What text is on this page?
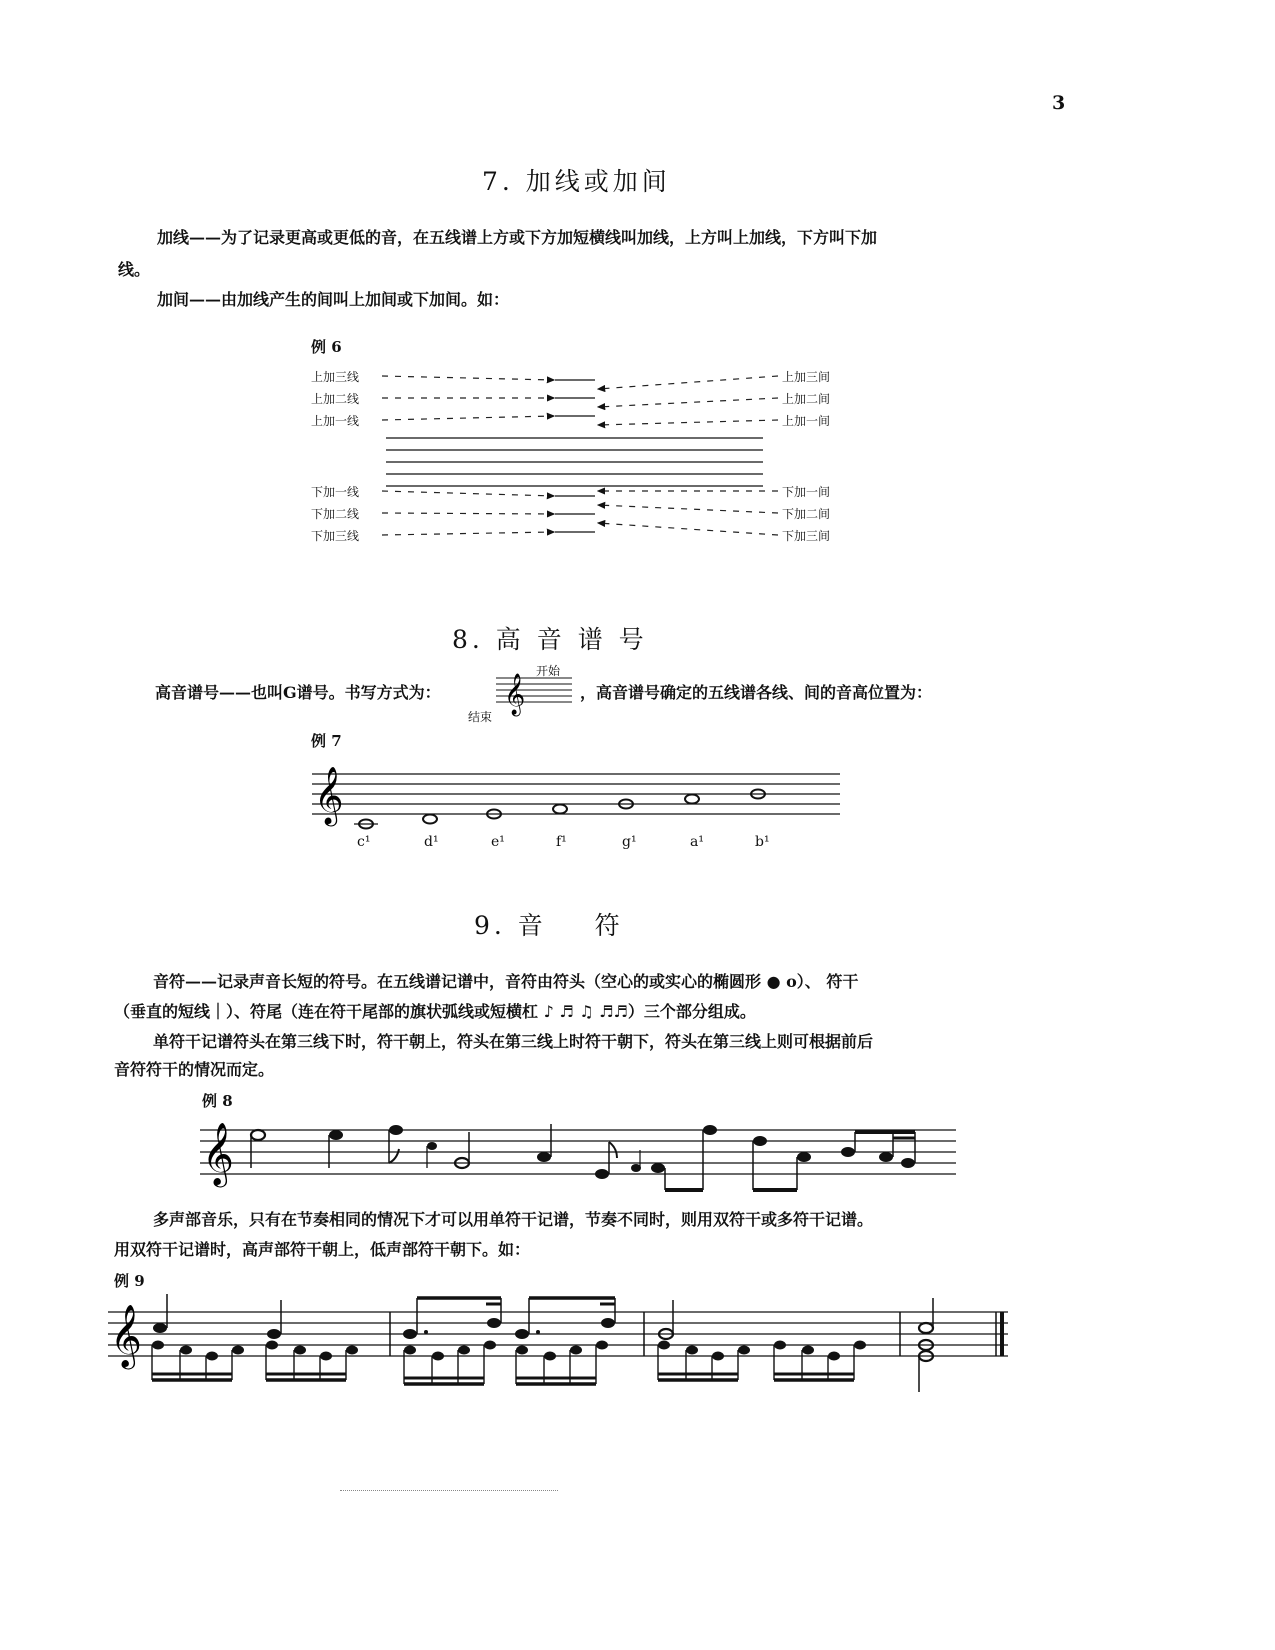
3
7. 加线或加间
加线——为了记录更高或更低的音，在五线谱上方或下方加短横线叫加线，上方叫上加线，下方叫下加
线。
加间——由加线产生的间叫上加间或下加间。如：
例 6
上加三线
上加二线
上加一线
下加一线
下加二线
下加三线
上加三间
上加二间
上加一间
下加一间
下加二间
下加三间
8. 高 音 谱 号
高音谱号——也叫G谱号。书写方式为：
开始
结束
𝄞	，高音谱号确定的五线谱各线、间的音高位置为：
例 7
𝄞
c¹	d¹	e¹	f¹	g¹	a¹	b¹
9. 音    符
音符——记录声音长短的符号。在五线谱记谱中，音符由符头（空心的或实心的椭圆形 ● o）、 符干
（垂直的短线｜）、符尾（连在符干尾部的旗状弧线或短横杠 ♪ ♬ ♫ ♬♬）三个部分组成。
单符干记谱符头在第三线下时，符干朝上，符头在第三线上时符干朝下，符头在第三线上则可根据前后
音符符干的情况而定。
例 8
𝄞
多声部音乐，只有在节奏相同的情况下才可以用单符干记谱，节奏不同时，则用双符干或多符干记谱。
用双符干记谱时，高声部符干朝上，低声部符干朝下。如：
例 9
𝄞
